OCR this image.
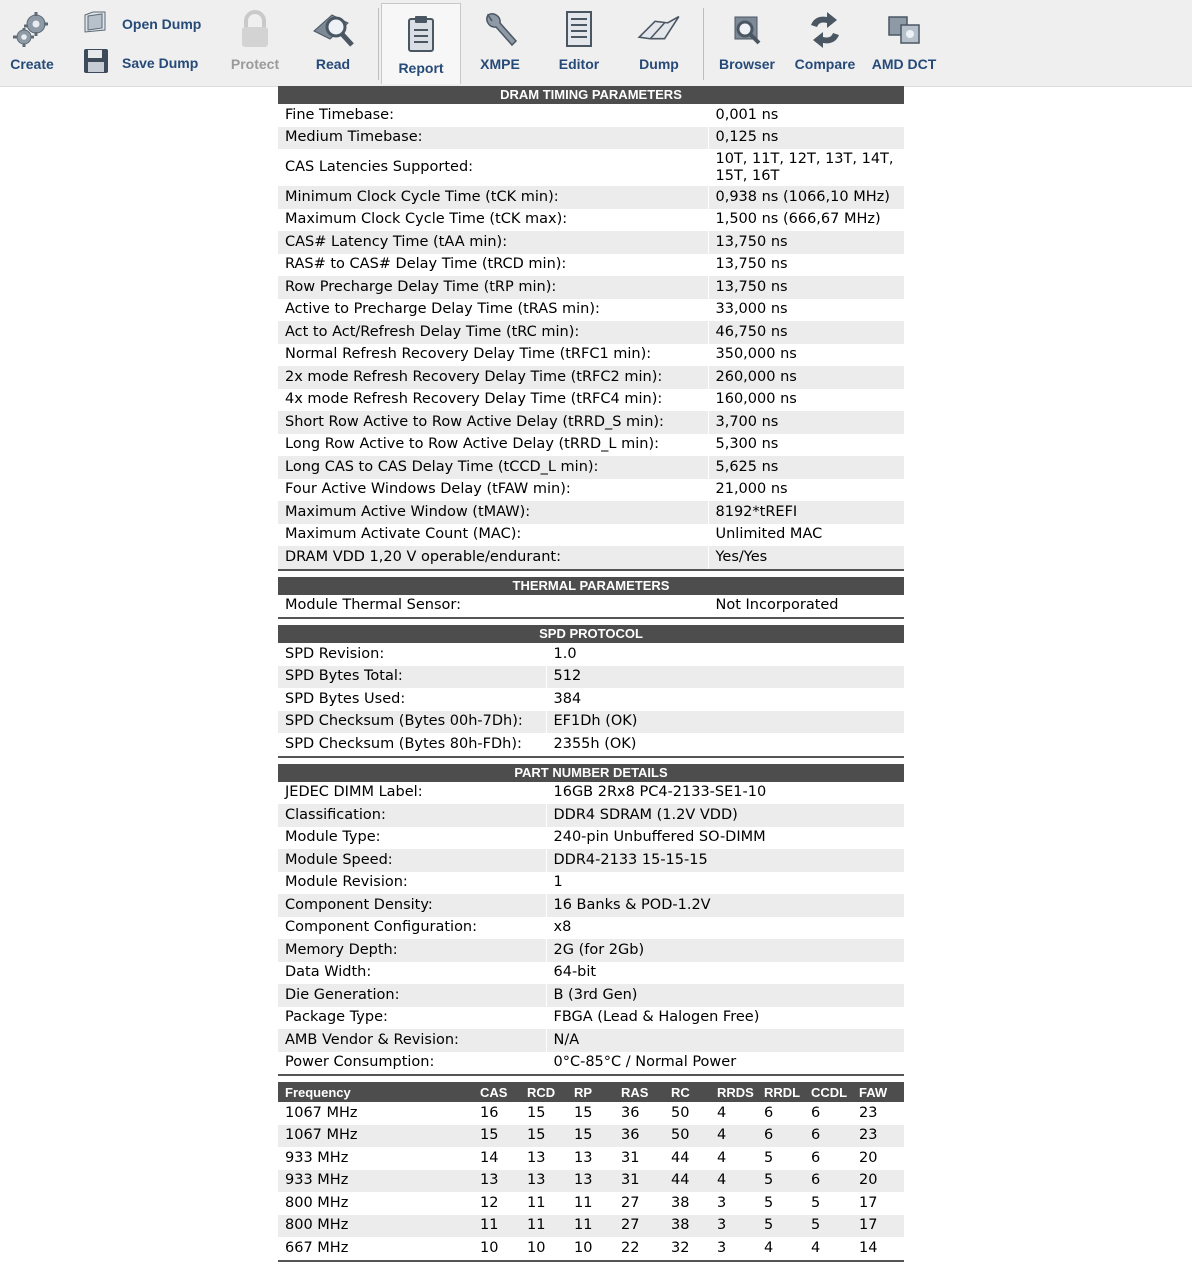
Create
Open Dump
Save Dump Protect	Read	Report	XMPE	Editor	Dump	Browser Compare AMD DCT
DRAM TIMING PARAMETERS
Fine Timebase:	0,001 ns
Medium Timebase:	0,125 ns
CAS Latencies Supported:	10T, 11T, 12T, 13T, 14T, 15T, 16T
Minimum Clock Cycle Time (tCK min):	0,938 ns (1066,10 MHz)
Maximum Clock Cycle Time (tCK max):	1,500 ns (666,67 MHz)
CAS# Latency Time (tAA min):	13,750 ns
RAS# to CAS# Delay Time (tRCD min):	13,750 ns
Row Precharge Delay Time (tRP min):	13,750 ns
Active to Precharge Delay Time (tRAS min):	33,000 ns
Act to Act/Refresh Delay Time (tRC min):	46,750 ns
Normal Refresh Recovery Delay Time (tRFC1 min):	350,000 ns
2x mode Refresh Recovery Delay Time (tRFC2 min):	260,000 ns
4x mode Refresh Recovery Delay Time (tRFC4 min):	160,000 ns
Short Row Active to Row Active Delay (tRRD_S min):	3,700 ns
Long Row Active to Row Active Delay (tRRD_L min):	5,300 ns
Long CAS to CAS Delay Time (tCCD_L min):	5,625 ns
Four Active Windows Delay (tFAW min):	21,000 ns
Maximum Active Window (tMAW):	8192*tREFI
Maximum Activate Count (MAC):	Unlimited MAC
DRAM VDD 1,20 V operable/endurant:	Yes/Yes
THERMAL PARAMETERS
Module Thermal Sensor:	Not Incorporated
SPD PROTOCOL
SPD Revision:	1.0
SPD Bytes Total:	512
SPD Bytes Used:	384
SPD Checksum (Bytes 00h-7Dh):	EF1Dh (OK)
SPD Checksum (Bytes 80h-FDh):	2355h (OK)
PART NUMBER DETAILS
JEDEC DIMM Label:	16GB 2Rx8 PC4-2133-SE1-10
Classification:	DDR4 SDRAM (1.2V VDD)
Module Type:	240-pin Unbuffered SO-DIMM
Module Speed:	DDR4-2133 15-15-15
Module Revision:	1
Component Density:	16 Banks & POD-1.2V
Component Configuration:	x8
Memory Depth:	2G (for 2Gb)
Data Width:	64-bit
Die Generation:	B (3rd Gen)
Package Type:	FBGA (Lead & Halogen Free)
AMB Vendor & Revision:	N/A
Power Consumption:	0°C-85°C / Normal Power
Frequency	CAS	RCD	RP	RAS	RC	RRDS	RRDL	CCDL	FAW
1067 MHz	16	15	15	36	50	4	6	6	23
1067 MHz	15	15	15	36	50	4	6	6	23
933 MHz	14	13	13	31	44	4	5	6	20
933 MHz	13	13	13	31	44	4	5	6	20
800 MHz	12	11	11	27	38	3	5	5	17
800 MHz	11	11	11	27	38	3	5	5	17
667 MHz	10	10	10	22	32	3	4	4	14
